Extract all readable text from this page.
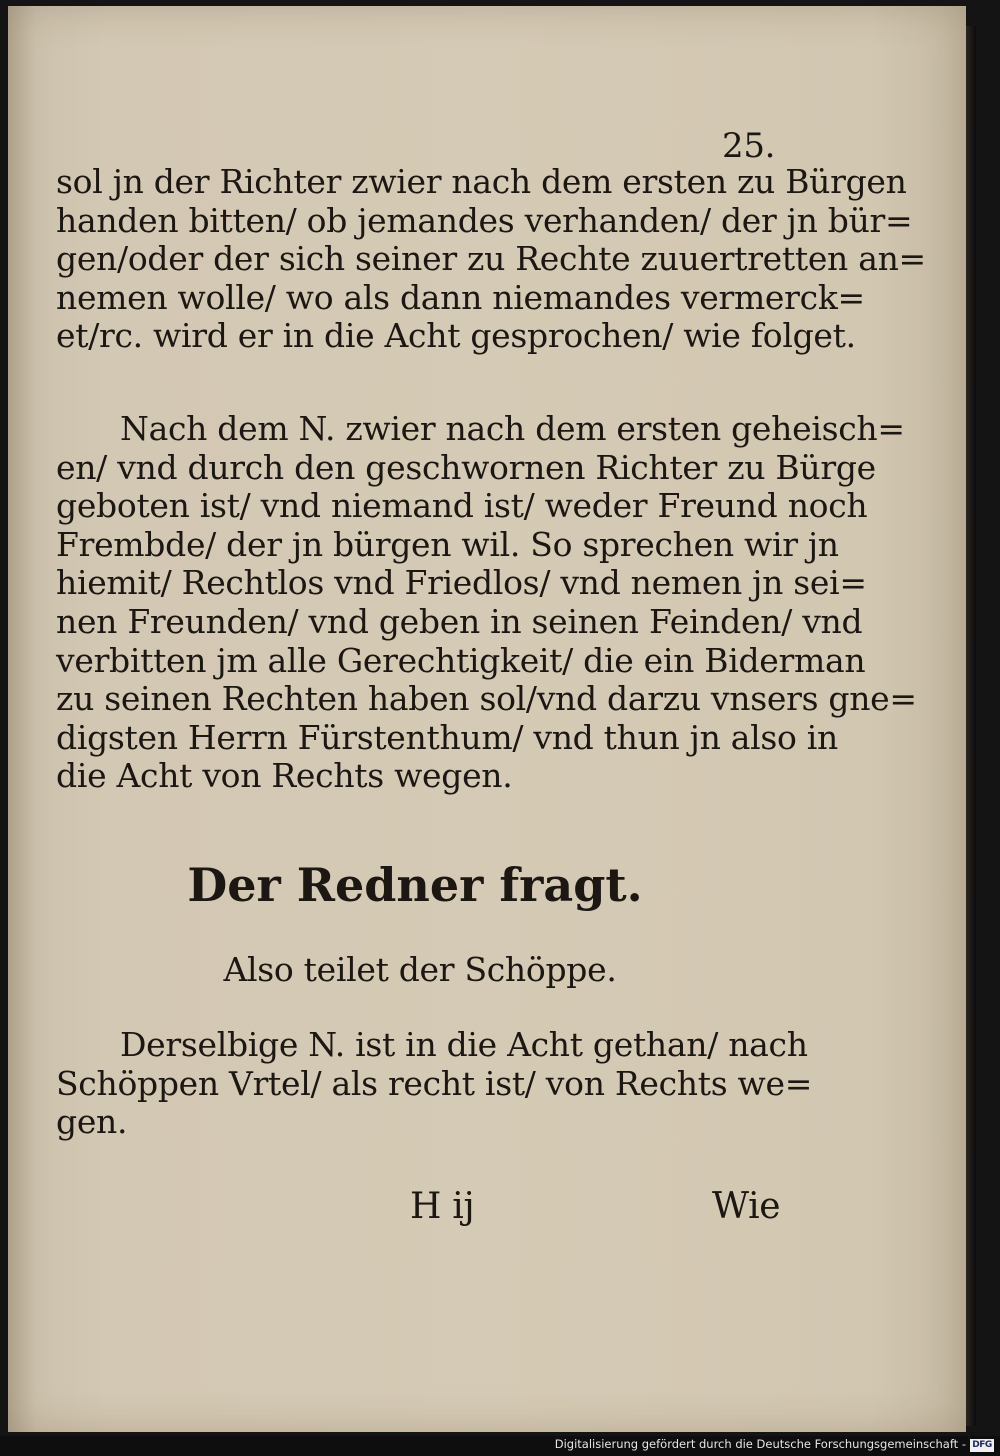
25.
sol jn der Richter zwier nach dem ersten zu Bürgen
handen bitten/ ob jemandes verhanden/ der jn bür=
gen/oder der sich seiner zu Rechte zuuertretten an=
nemen wolle/ wo als dann niemandes vermerck=
et/rc. wird er in die Acht gesprochen/ wie folget.
Nach dem N. zwier nach dem ersten geheisch=
en/ vnd durch den geschwornen Richter zu Bürge
geboten ist/ vnd niemand ist/ weder Freund noch
Frembde/ der jn bürgen wil. So sprechen wir jn
hiemit/ Rechtlos vnd Friedlos/ vnd nemen jn sei=
nen Freunden/ vnd geben in seinen Feinden/ vnd
verbitten jm alle Gerechtigkeit/ die ein Biderman
zu seinen Rechten haben sol/vnd darzu vnsers gne=
digsten Herrn Fürstenthum/ vnd thun jn also in
die Acht von Rechts wegen.
Der Redner fragt.
Also teilet der Schöppe.
Derselbige N. ist in die Acht gethan/ nach
Schöppen Vrtel/ als recht ist/ von Rechts we=
gen.
H ij	Wie
Digitalisierung gefördert durch die Deutsche Forschungsgemeinschaft - DFG
